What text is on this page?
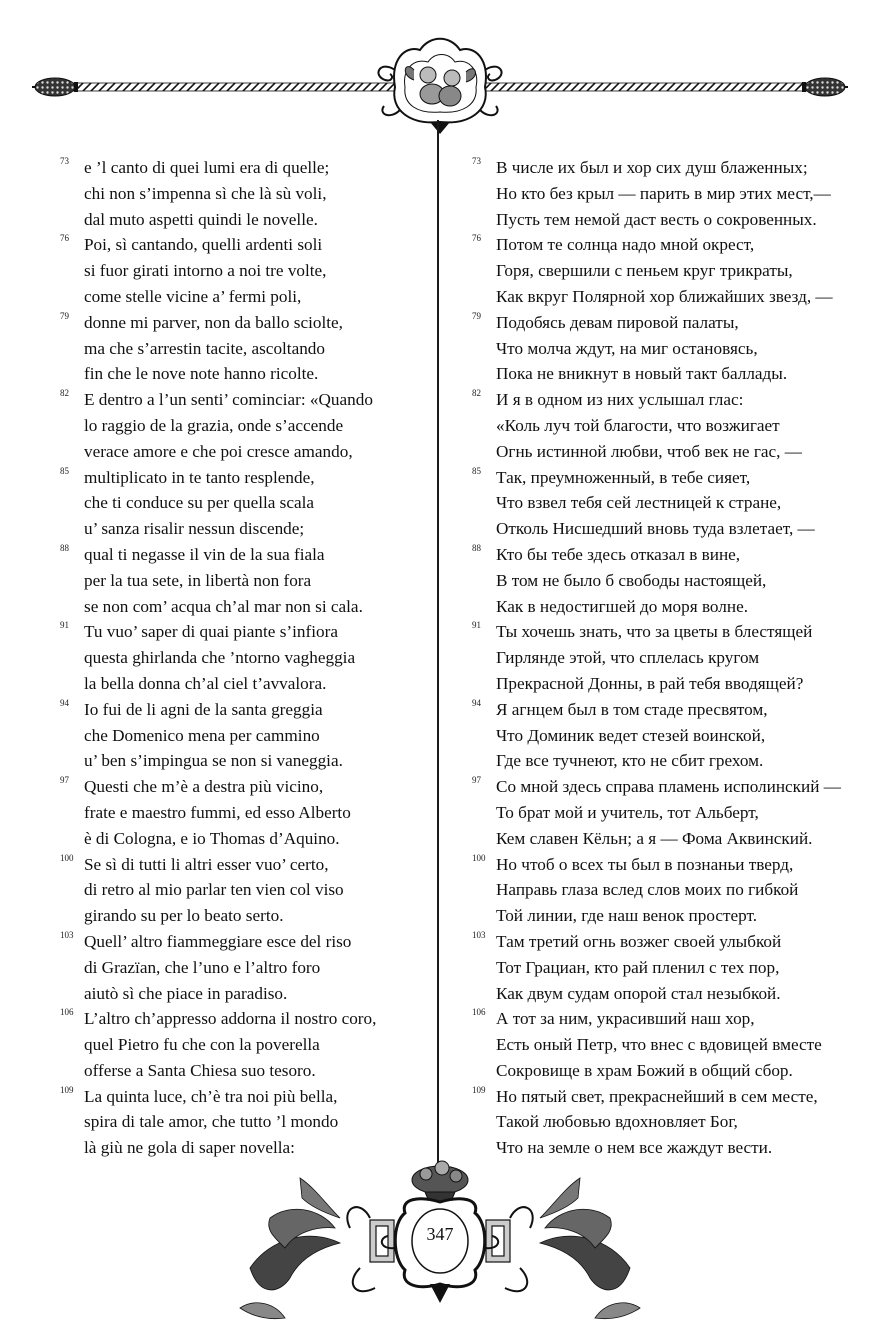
73 e ’l canto di quei lumi era di quelle;
chi non s’impenna sì che là sù voli,
dal muto aspetti quindi le novelle.
76 Poi, sì cantando, quelli ardenti soli
si fuor girati intorno a noi tre volte,
come stelle vicine a’ fermi poli,
79 donne mi parver, non da ballo sciolte,
ma che s’arrestin tacite, ascoltando
fin che le nove note hanno ricolte.
82 E dentro a l’un senti’ cominciar: «Quando
lo raggio de la grazia, onde s’accende
verace amore e che poi cresce amando,
85 multiplicato in te tanto resplende,
che ti conduce su per quella scala
u’ sanza risalir nessun discende;
88 qual ti negasse il vin de la sua fiala
per la tua sete, in libertà non fora
se non com’ acqua ch’al mar non si cala.
91 Tu vuo’ saper di quai piante s’infiora
questa ghirlanda che ’ntorno vagheggia
la bella donna ch’al ciel t’avvalora.
94 Io fui de li agni de la santa greggia
che Domenico mena per cammino
u’ ben s’impingua se non si vaneggia.
97 Questi che m’è a destra più vicino,
frate e maestro fummi, ed esso Alberto
è di Cologna, e io Thomas d’Aquino.
100 Se sì di tutti li altri esser vuo’ certo,
di retro al mio parlar ten vien col viso
girando su per lo beato serto.
103 Quell’ altro fiammeggiare esce del riso
di Grazïan, che l’uno e l’altro foro
aiutò sì che piace in paradiso.
106 L’altro ch’appresso addorna il nostro coro,
quel Pietro fu che con la poverella
offerse a Santa Chiesa suo tesoro.
109 La quinta luce, ch’è tra noi più bella,
spira di tale amor, che tutto ’l mondo
là giù ne gola di saper novella:
73 В числе их был и хор сих душ блаженных;
Но кто без крыл — парить в мир этих мест,—
Пусть тем немой даст весть о сокровенных.
76 Потом те солнца надо мной окрест,
Горя, свершили с пеньем круг трикраты,
Как вкруг Полярной хор ближайших звезд, —
79 Подобясь девам пировой палаты,
Что молча ждут, на миг остановясь,
Пока не вникнут в новый такт баллады.
82 И я в одном из них услышал глас:
«Коль луч той благости, что возжигает
Огнь истинной любви, чтоб век не гас, —
85 Так, преумноженный, в тебе сияет,
Что взвел тебя сей лестницей к стране,
Отколь Нисшедший вновь туда взлетает, —
88 Кто бы тебе здесь отказал в вине,
В том не было б свободы настоящей,
Как в недостигшей до моря волне.
91 Ты хочешь знать, что за цветы в блестящей
Гирлянде этой, что сплелась кругом
Прекрасной Донны, в рай тебя вводящей?
94 Я агнцем был в том стаде пресвятом,
Что Доминик ведет стезей воинской,
Где все тучнеют, кто не сбит грехом.
97 Со мной здесь справа пламень исполинский —
То брат мой и учитель, тот Альберт,
Кем славен Кёльн; а я — Фома Аквинский.
100 Но чтоб о всех ты был в познаньи тверд,
Направь глаза вслед слов моих по гибкой
Той линии, где наш венок простерт.
103 Там третий огнь возжег своей улыбкой
Тот Грациан, кто рай пленил с тех пор,
Как двум судам опорой стал незыбкой.
106 А тот за ним, украсивший наш хор,
Есть оный Петр, что внес с вдовицей вместе
Сокровище в храм Божий в общий сбор.
109 Но пятый свет, прекраснейший в сем месте,
Такой любовью вдохновляет Бог,
Что на земле о нем все жаждут вести.
347
